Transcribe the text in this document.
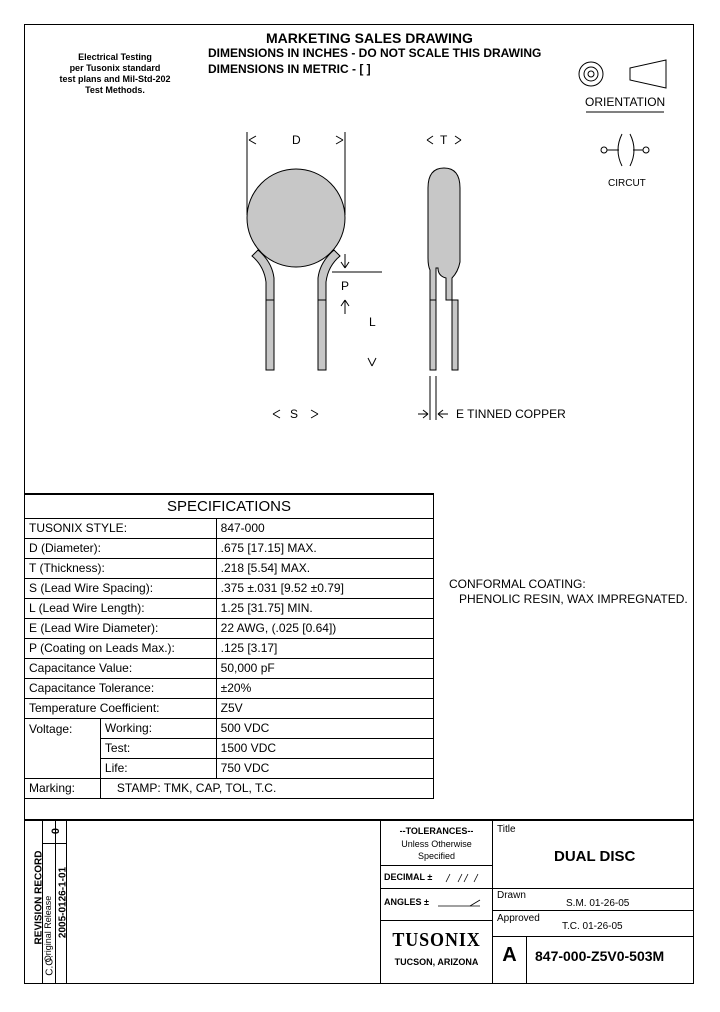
MARKETING SALES DRAWING
DIMENSIONS IN INCHES - DO NOT SCALE THIS DRAWING
DIMENSIONS IN METRIC - [ ]
Electrical Testing
per Tusonix standard
test plans and Mil-Std-202
Test Methods.
D	T
P
L
S	E TINNED COPPER
ORIENTATION
CIRCUT
CONFORMAL COATING:
PHENOLIC RESIN, WAX IMPREGNATED.
SPECIFICATIONS		
TUSONIX STYLE:		847-000
D (Diameter):		.675 [17.15] MAX.
T (Thickness):		.218 [5.54] MAX.
S (Lead Wire Spacing):		.375 ±.031 [9.52 ±0.79]
L (Lead Wire Length):		1.25 [31.75] MIN.
E (Lead Wire Diameter):		22 AWG, (.025 [0.64])
P (Coating on Leads Max.):		.125 [3.17]
Capacitance Value:		50,000 pF
Capacitance Tolerance:		±20%
Temperature Coefficient:		Z5V
Voltage:	Working:	500 VDC
	Test:	1500 VDC
	Life:	750 VDC
Marking:	STAMP: TMK, CAP, TOL, T.C.	
REVISION RECORD
Original Release
C.O.
2005-0126-1-01
0	--TOLERANCES--
Unless Otherwise
Specified
DECIMAL ±
ANGLES ±
TUSONIX
TUCSON, ARIZONA
Title
DUAL DISC
Drawn
S.M. 01-26-05
Approved
T.C. 01-26-05
A	847-000-Z5V0-503M
